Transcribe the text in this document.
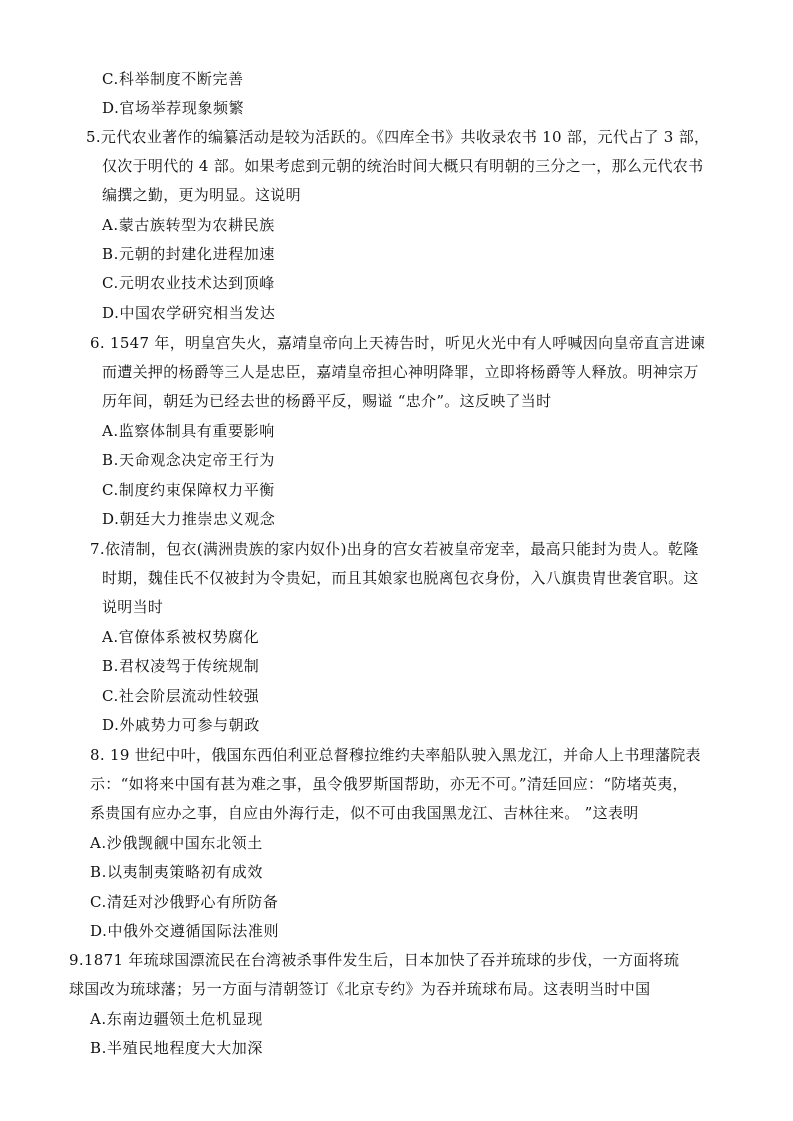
C.科举制度不断完善
D.官场举荐现象频繁
5.元代农业著作的编纂活动是较为活跃的。《四库全书》共收录农书 10 部，元代占了 3 部，
仅次于明代的 4 部。如果考虑到元朝的统治时间大概只有明朝的三分之一，那么元代农书
编撰之勤，更为明显。这说明
A.蒙古族转型为农耕民族
B.元朝的封建化进程加速
C.元明农业技术达到顶峰
D.中国农学研究相当发达
6. 1547 年，明皇宫失火，嘉靖皇帝向上天祷告时，听见火光中有人呼喊因向皇帝直言进谏
而遭关押的杨爵等三人是忠臣，嘉靖皇帝担心神明降罪，立即将杨爵等人释放。明神宗万
历年间，朝廷为已经去世的杨爵平反，赐谥 “忠介”。这反映了当时
A.监察体制具有重要影响
B.天命观念决定帝王行为
C.制度约束保障权力平衡
D.朝廷大力推崇忠义观念
7.依清制，包衣(满洲贵族的家内奴仆)出身的宫女若被皇帝宠幸，最高只能封为贵人。乾隆
时期，魏佳氏不仅被封为令贵妃，而且其娘家也脱离包衣身份，入八旗贵胄世袭官职。这
说明当时
A.官僚体系被权势腐化
B.君权凌驾于传统规制
C.社会阶层流动性较强
D.外戚势力可参与朝政
8. 19 世纪中叶，俄国东西伯利亚总督穆拉维约夫率船队驶入黑龙江，并命人上书理藩院表
示：“如将来中国有甚为难之事，虽令俄罗斯国帮助，亦无不可。”清廷回应：“防堵英夷，
系贵国有应办之事，自应由外海行走，似不可由我国黑龙江、吉林往来。 ”这表明
A.沙俄觊觎中国东北领土
B.以夷制夷策略初有成效
C.清廷对沙俄野心有所防备
D.中俄外交遵循国际法准则
9.1871 年琉球国漂流民在台湾被杀事件发生后，日本加快了吞并琉球的步伐，一方面将琉
球国改为琉球藩；另一方面与清朝签订《北京专约》为吞并琉球布局。这表明当时中国
A.东南边疆领土危机显现
B.半殖民地程度大大加深
